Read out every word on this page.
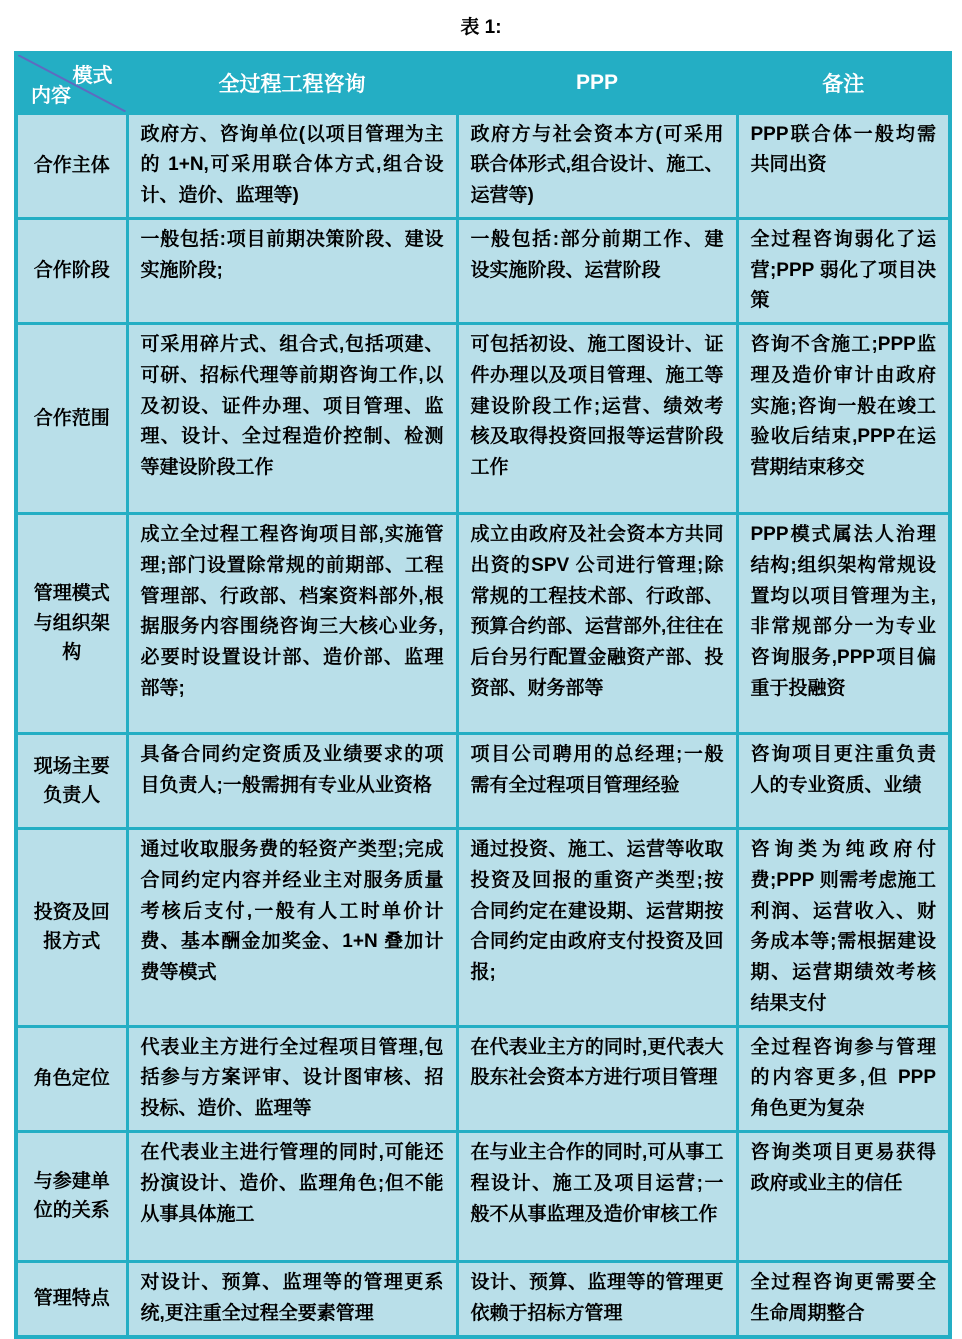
表 1:
模式
内容	全过程工程咨询	PPP	备注
合作主体	政府方、咨询单位(以项目管理为主的 1+N,可采用联合体方式,组合设计、造价、监理等)	政府方与社会资本方(可采用联合体形式,组合设计、施工、运营等)	PPP联合体一般均需共同出资
合作阶段	一般包括:项目前期决策阶段、建设实施阶段;	一般包括:部分前期工作、建设实施阶段、运营阶段	全过程咨询弱化了运营;PPP 弱化了项目决策
合作范围	可采用碎片式、组合式,包括项建、可研、招标代理等前期咨询工作,以及初设、证件办理、项目管理、监理、设计、全过程造价控制、检测等建设阶段工作	可包括初设、施工图设计、证件办理以及项目管理、施工等建设阶段工作;运营、绩效考核及取得投资回报等运营阶段工作	咨询不含施工;PPP监理及造价审计由政府实施;咨询一般在竣工验收后结束,PPP在运营期结束移交
管理模式与组织架构	成立全过程工程咨询项目部,实施管理;部门设置除常规的前期部、工程管理部、行政部、档案资料部外,根据服务内容围绕咨询三大核心业务,必要时设置设计部、造价部、监理部等;	成立由政府及社会资本方共同出资的SPV 公司进行管理;除常规的工程技术部、行政部、预算合约部、运营部外,往往在后台另行配置金融资产部、投资部、财务部等	PPP模式属法人治理结构;组织架构常规设置均以项目管理为主,非常规部分一为专业咨询服务,PPP项目偏重于投融资
现场主要负责人	具备合同约定资质及业绩要求的项目负责人;一般需拥有专业从业资格	项目公司聘用的总经理;一般需有全过程项目管理经验	咨询项目更注重负责人的专业资质、业绩
投资及回报方式	通过收取服务费的轻资产类型;完成合同约定内容并经业主对服务质量考核后支付,一般有人工时单价计费、基本酬金加奖金、1+N 叠加计费等模式	通过投资、施工、运营等收取投资及回报的重资产类型;按合同约定在建设期、运营期按合同约定由政府支付投资及回报;	咨询类为纯政府付费;PPP 则需考虑施工利润、运营收入、财务成本等;需根据建设期、运营期绩效考核结果支付
角色定位	代表业主方进行全过程项目管理,包括参与方案评审、设计图审核、招投标、造价、监理等	在代表业主方的同时,更代表大股东社会资本方进行项目管理	全过程咨询参与管理的内容更多,但 PPP 角色更为复杂
与参建单位的关系	在代表业主进行管理的同时,可能还扮演设计、造价、监理角色;但不能从事具体施工	在与业主合作的同时,可从事工程设计、施工及项目运营;一般不从事监理及造价审核工作	咨询类项目更易获得政府或业主的信任
管理特点	对设计、预算、监理等的管理更系统,更注重全过程全要素管理	设计、预算、监理等的管理更依赖于招标方管理	全过程咨询更需要全生命周期整合
